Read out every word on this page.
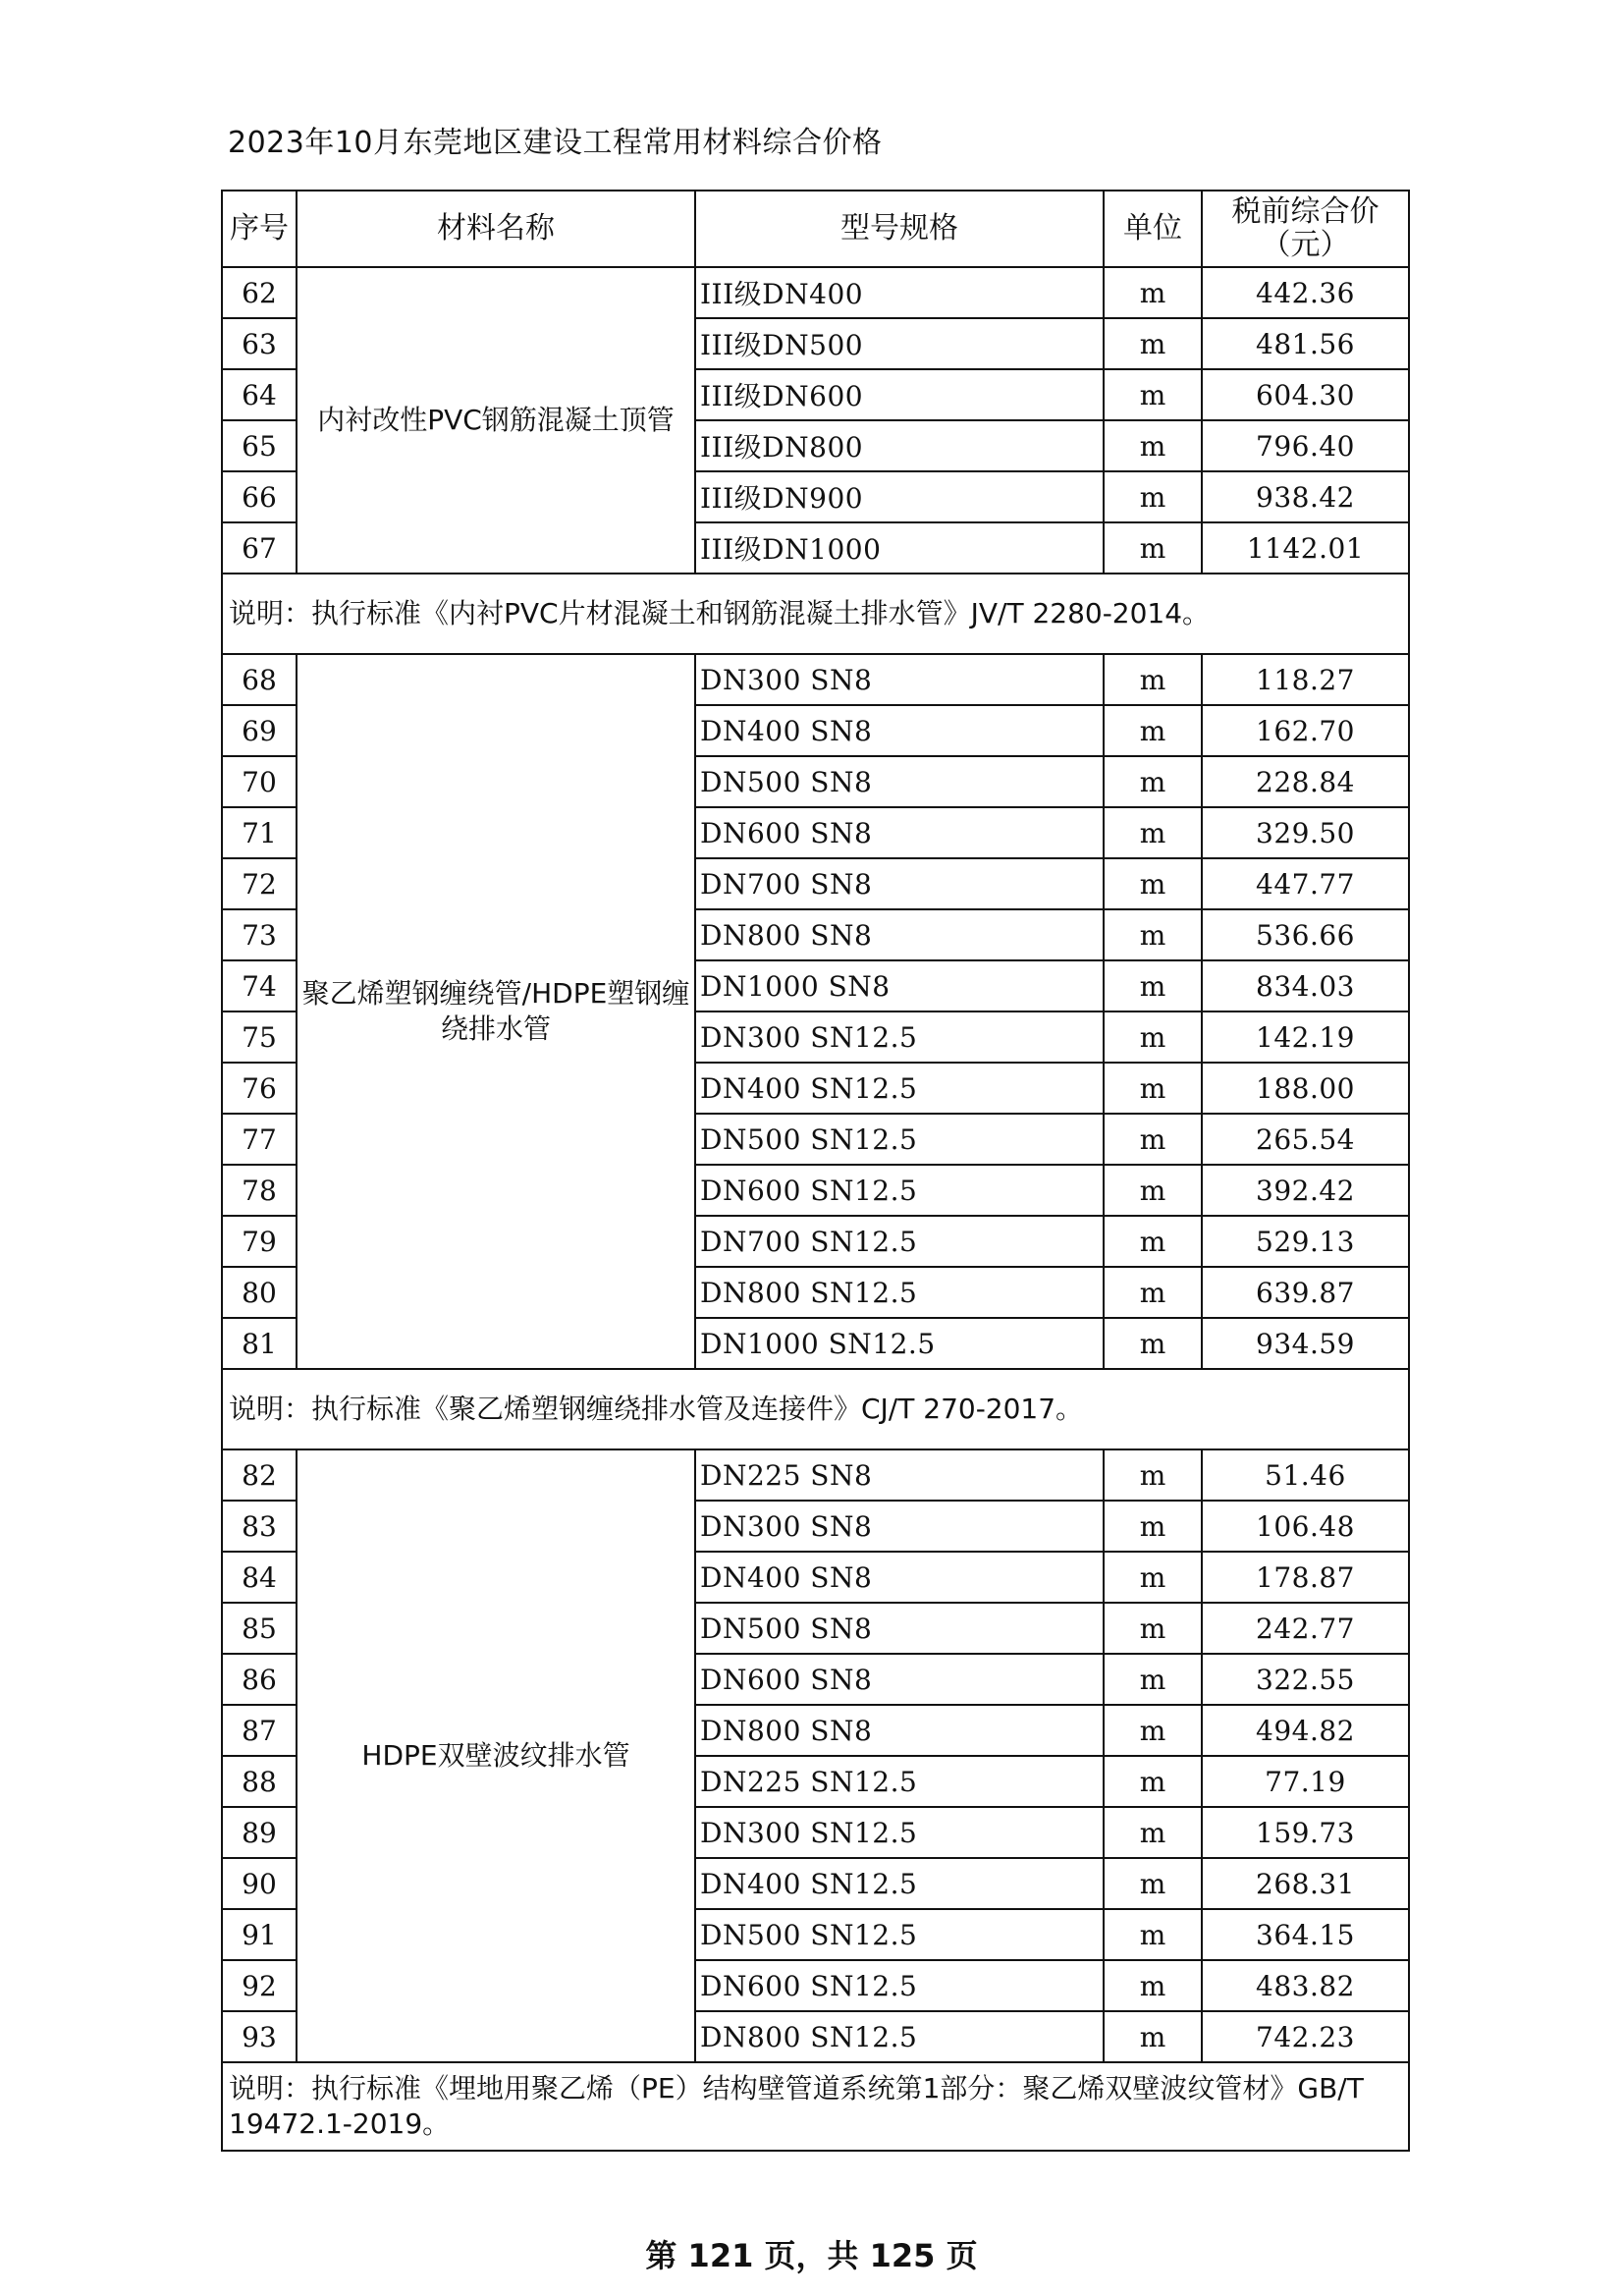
2023年10月东莞地区建设工程常用材料综合价格
序号	材料名称	型号规格	单位	税前综合价
（元）

62	内衬改性PVC钢筋混凝土顶管	III级DN400	m	442.36
63		III级DN500	m	481.56
64		III级DN600	m	604.30
65		III级DN800	m	796.40
66		III级DN900	m	938.42
67		III级DN1000	m	1142.01
说明：执行标准《内衬PVC片材混凝土和钢筋混凝土排水管》JV/T 2280-2014。				
68	聚乙烯塑钢缠绕管/HDPE塑钢缠绕排水管	DN300 SN8	m	118.27
69		DN400 SN8	m	162.70
70		DN500 SN8	m	228.84
71		DN600 SN8	m	329.50
72		DN700 SN8	m	447.77
73		DN800 SN8	m	536.66
74		DN1000 SN8	m	834.03
75		DN300 SN12.5	m	142.19
76		DN400 SN12.5	m	188.00
77		DN500 SN12.5	m	265.54
78		DN600 SN12.5	m	392.42
79		DN700 SN12.5	m	529.13
80		DN800 SN12.5	m	639.87
81		DN1000 SN12.5	m	934.59
说明：执行标准《聚乙烯塑钢缠绕排水管及连接件》CJ/T 270-2017。				
82	HDPE双壁波纹排水管	DN225 SN8	m	51.46
83		DN300 SN8	m	106.48
84		DN400 SN8	m	178.87
85		DN500 SN8	m	242.77
86		DN600 SN8	m	322.55
87		DN800 SN8	m	494.82
88		DN225 SN12.5	m	77.19
89		DN300 SN12.5	m	159.73
90		DN400 SN12.5	m	268.31
91		DN500 SN12.5	m	364.15
92		DN600 SN12.5	m	483.82
93		DN800 SN12.5	m	742.23
说明：执行标准《埋地用聚乙烯（PE）结构壁管道系统第1部分：聚乙烯双壁波纹管材》GB/T 19472.1-2019。				
第 121 页，共 125 页
